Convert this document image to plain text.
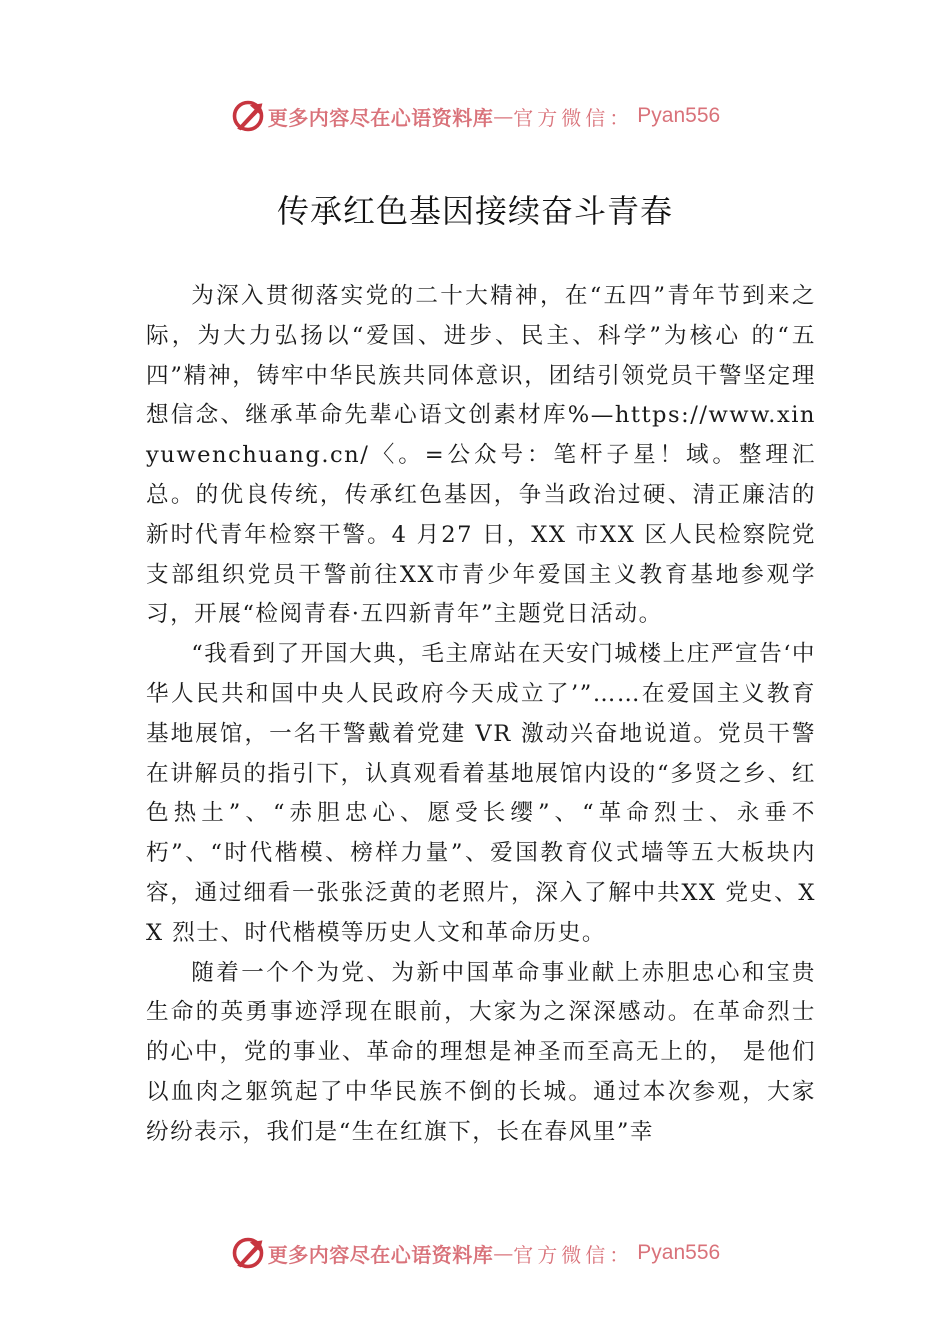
更多内容尽在心语资料库 — 官方微信： Pyan556
传承红色基因接续奋斗青春

为深入贯彻落实党的二十大精神，在“五四”青年节到来之际，为大力弘扬以“爱国、进步、民主、科学”为核心 的“五四”精神，铸牢中华民族共同体意识，团结引领党员干警坚定理想信念、继承革命先辈心语文创素材库%—https://www.xinyuwenchuang.cn/〈。=公众号：笔杆子星！域。整理汇总。的优良传统，传承红色基因，争当政治过硬、清正廉洁的新时代青年检察干警。4 月27 日，XX 市XX 区人民检察院党支部组织党员干警前往XX市青少年爱国主义教育基地参观学习，开展“检阅青春·五四新青年”主题党日活动。

“我看到了开国大典，毛主席站在天安门城楼上庄严宣告‘中华人民共和国中央人民政府今天成立了’”……在爱国主义教育基地展馆，一名干警戴着党建 VR 激动兴奋地说道。党员干警在讲解员的指引下，认真观看着基地展馆内设的“多贤之乡、红色热土”、“赤胆忠心、愿受长缨”、“革命烈士、永垂不朽”、“时代楷模、榜样力量”、爱国教育仪式墙等五大板块内容，通过细看一张张泛黄的老照片，深入了解中共XX 党史、XX 烈士、时代楷模等历史人文和革命历史。

随着一个个为党、为新中国革命事业献上赤胆忠心和宝贵生命的英勇事迹浮现在眼前，大家为之深深感动。在革命烈士的心中，党的事业、革命的理想是神圣而至高无上的， 是他们以血肉之躯筑起了中华民族不倒的长城。通过本次参观，大家纷纷表示，我们是“生在红旗下，长在春风里”幸

更多内容尽在心语资料库 — 官方微信： Pyan556
